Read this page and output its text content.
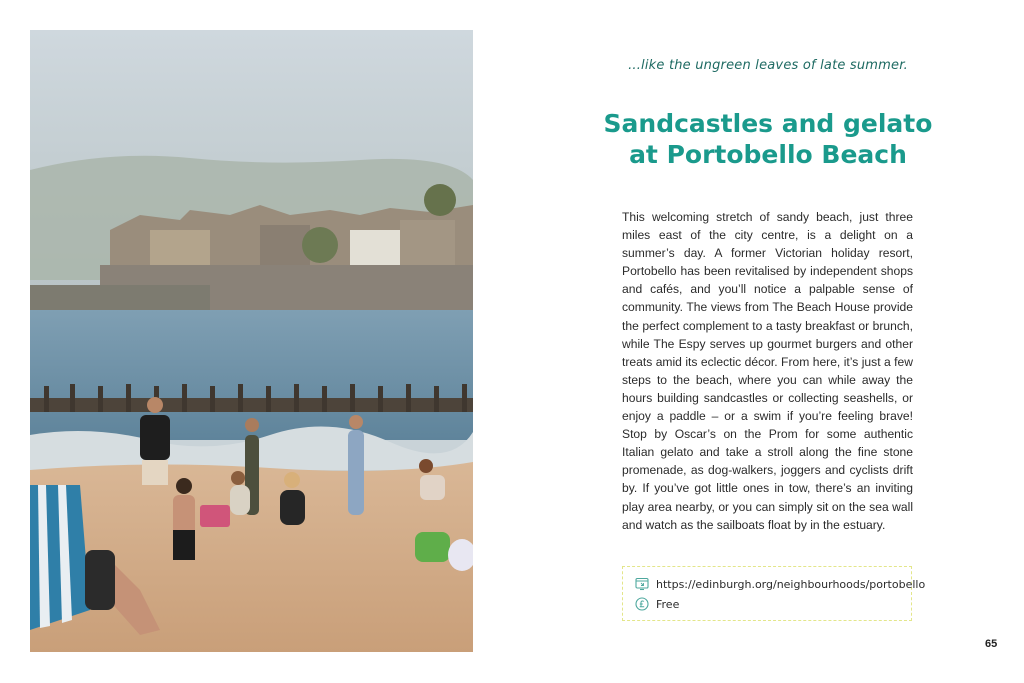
...like the ungreen leaves of late summer.
Sandcastles and gelato
at Portobello Beach
This welcoming stretch of sandy beach, just three miles east of the city centre, is a delight on a summer’s day. A former Victorian holiday resort, Portobello has been revitalised by independent shops and cafés, and you’ll notice a palpable sense of community. The views from The Beach House provide the perfect complement to a tasty breakfast or brunch, while The Espy serves up gourmet burgers and other treats amid its eclectic décor. From here, it’s just a few steps to the beach, where you can while away the hours building sandcastles or collecting seashells, or enjoy a paddle – or a swim if you’re feeling brave! Stop by Oscar’s on the Prom for some authentic Italian gelato and take a stroll along the fine stone promenade, as dog-walkers, joggers and cyclists drift by. If you’ve got little ones in tow, there’s an inviting play area nearby, or you can simply sit on the sea wall and watch as the sailboats float by in the estuary.
https://edinburgh.org/neighbourhoods/portobello
Free
65
